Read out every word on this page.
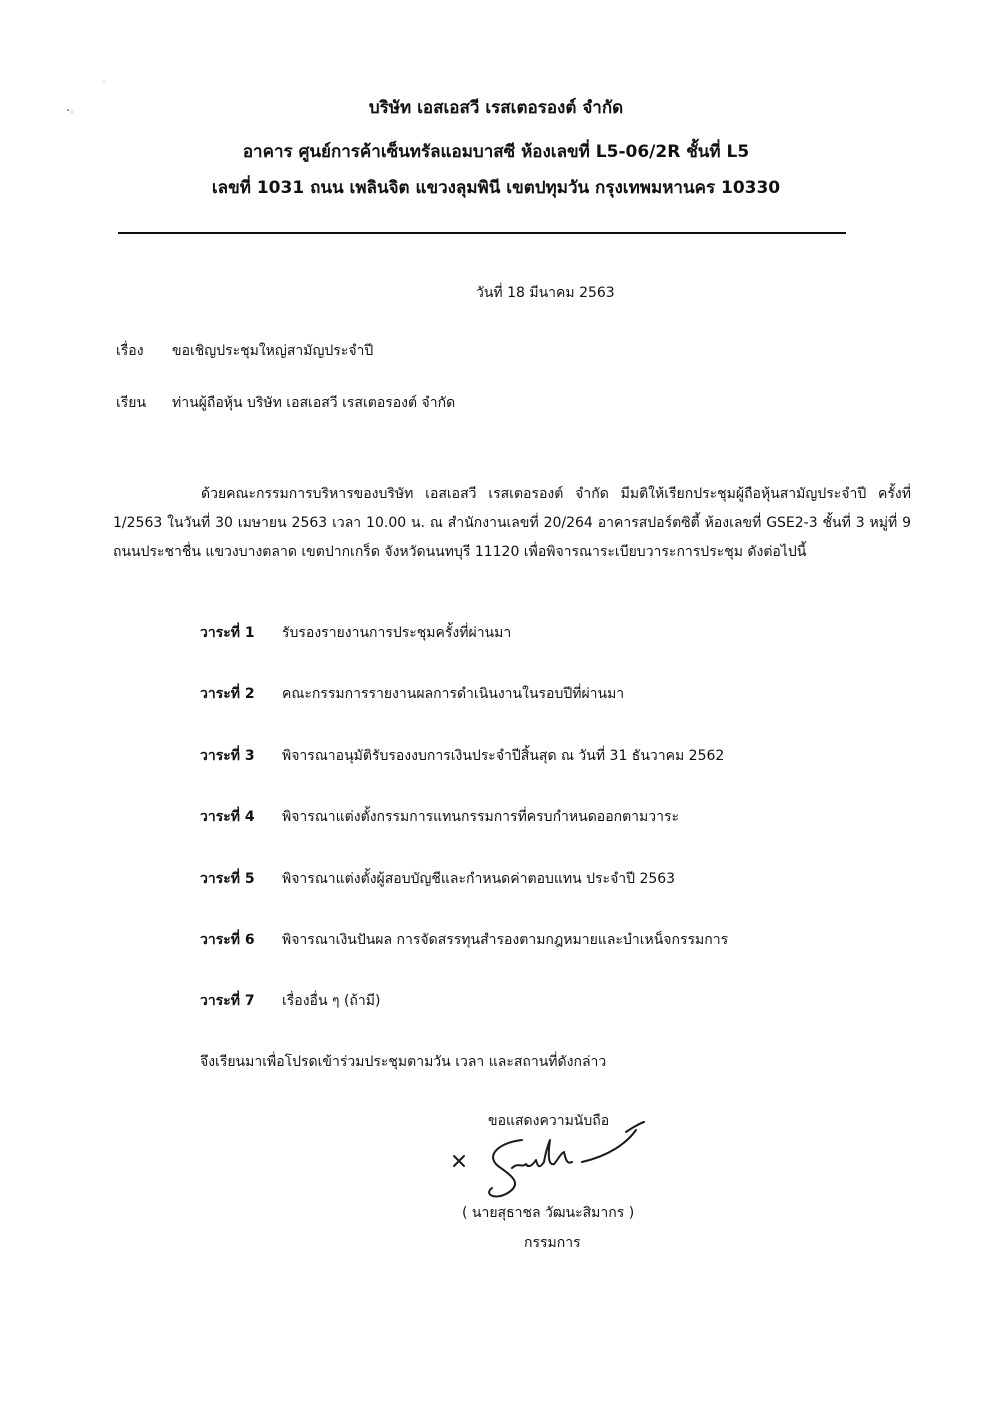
บริษัท เอสเอสวี เรสเตอรองต์ จำกัด
อาคาร ศูนย์การค้าเซ็นทรัลแอมบาสซี ห้องเลขที่ L5-06/2R ชั้นที่ L5
เลขที่ 1031 ถนน เพลินจิต แขวงลุมพินี เขตปทุมวัน กรุงเทพมหานคร 10330
วันที่ 18 มีนาคม 2563
เรื่อง ขอเชิญประชุมใหญ่สามัญประจำปี
เรียน ท่านผู้ถือหุ้น บริษัท เอสเอสวี เรสเตอรองต์ จำกัด
ด้วยคณะกรรมการบริหารของบริษัท เอสเอสวี เรสเตอรองต์ จำกัด มีมติให้เรียกประชุมผู้ถือหุ้นสามัญประจำปี ครั้งที่ 1/2563 ในวันที่ 30 เมษายน 2563 เวลา 10.00 น. ณ สำนักงานเลขที่ 20/264 อาคารสปอร์ตซิตี้ ห้องเลขที่ GSE2-3 ชั้นที่ 3 หมู่ที่ 9 ถนนประชาชื่น แขวงบางตลาด เขตปากเกร็ด จังหวัดนนทบุรี 11120 เพื่อพิจารณาระเบียบวาระการประชุม ดังต่อไปนี้
วาระที่ 1 รับรองรายงานการประชุมครั้งที่ผ่านมา
วาระที่ 2 คณะกรรมการรายงานผลการดำเนินงานในรอบปีที่ผ่านมา
วาระที่ 3 พิจารณาอนุมัติรับรองงบการเงินประจำปีสิ้นสุด ณ วันที่ 31 ธันวาคม 2562
วาระที่ 4 พิจารณาแต่งตั้งกรรมการแทนกรรมการที่ครบกำหนดออกตามวาระ
วาระที่ 5 พิจารณาแต่งตั้งผู้สอบบัญชีและกำหนดค่าตอบแทน ประจำปี 2563
วาระที่ 6 พิจารณาเงินปันผล การจัดสรรทุนสำรองตามกฎหมายและบำเหน็จกรรมการ
วาระที่ 7 เรื่องอื่น ๆ (ถ้ามี)
จึงเรียนมาเพื่อโปรดเข้าร่วมประชุมตามวัน เวลา และสถานที่ดังกล่าว
ขอแสดงความนับถือ
( นายสุธาชล วัฒนะสิมากร )
กรรมการ
